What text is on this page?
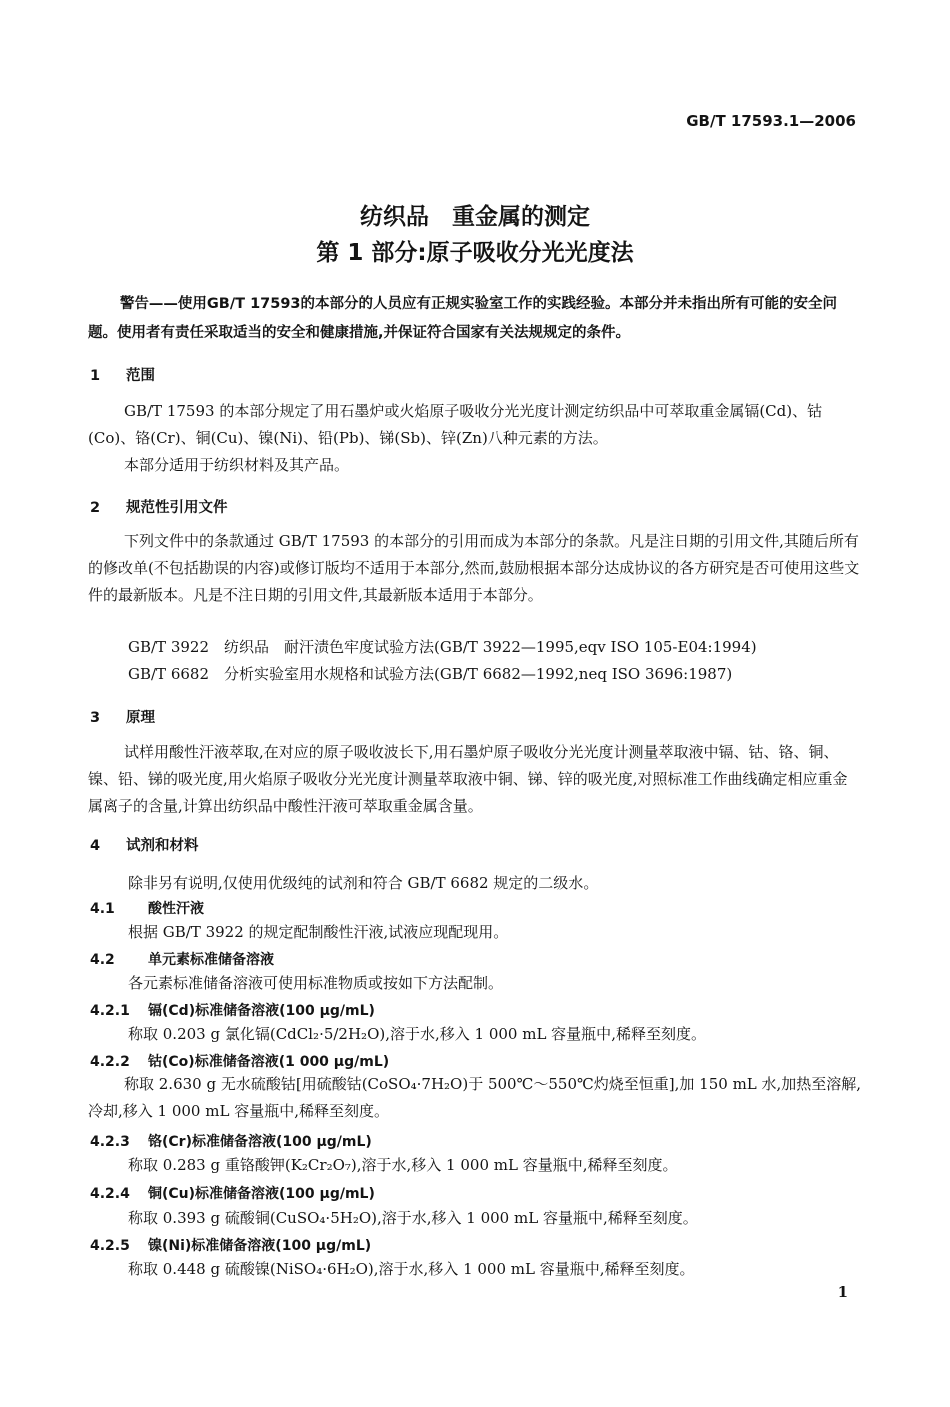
GB/T 17593.1—2006
纺织品　重金属的测定
第 1 部分:原子吸收分光光度法
警告——使用GB/T 17593的本部分的人员应有正规实验室工作的实践经验。本部分并未指出所有可能的安全问题。使用者有责任采取适当的安全和健康措施,并保证符合国家有关法规规定的条件。
1 范围
GB/T 17593 的本部分规定了用石墨炉或火焰原子吸收分光光度计测定纺织品中可萃取重金属镉(Cd)、钴(Co)、铬(Cr)、铜(Cu)、镍(Ni)、铅(Pb)、锑(Sb)、锌(Zn)八种元素的方法。
本部分适用于纺织材料及其产品。
2 规范性引用文件
下列文件中的条款通过 GB/T 17593 的本部分的引用而成为本部分的条款。凡是注日期的引用文件,其随后所有的修改单(不包括勘误的内容)或修订版均不适用于本部分,然而,鼓励根据本部分达成协议的各方研究是否可使用这些文件的最新版本。凡是不注日期的引用文件,其最新版本适用于本部分。
GB/T 3922　纺织品　耐汗渍色牢度试验方法(GB/T 3922—1995,eqv ISO 105-E04:1994)
GB/T 6682　分析实验室用水规格和试验方法(GB/T 6682—1992,neq ISO 3696:1987)
3 原理
试样用酸性汗液萃取,在对应的原子吸收波长下,用石墨炉原子吸收分光光度计测量萃取液中镉、钴、铬、铜、镍、铅、锑的吸光度,用火焰原子吸收分光光度计测量萃取液中铜、锑、锌的吸光度,对照标准工作曲线确定相应重金属离子的含量,计算出纺织品中酸性汗液可萃取重金属含量。
4 试剂和材料
除非另有说明,仅使用优级纯的试剂和符合 GB/T 6682 规定的二级水。
4.1 酸性汗液
根据 GB/T 3922 的规定配制酸性汗液,试液应现配现用。
4.2 单元素标准储备溶液
各元素标准储备溶液可使用标准物质或按如下方法配制。
4.2.1 镉(Cd)标准储备溶液(100 μg/mL)
称取 0.203 g 氯化镉(CdCl₂·5/2H₂O),溶于水,移入 1 000 mL 容量瓶中,稀释至刻度。
4.2.2 钴(Co)标准储备溶液(1 000 μg/mL)
称取 2.630 g 无水硫酸钴[用硫酸钴(CoSO₄·7H₂O)于 500℃～550℃灼烧至恒重],加 150 mL 水,加热至溶解,冷却,移入 1 000 mL 容量瓶中,稀释至刻度。
4.2.3 铬(Cr)标准储备溶液(100 μg/mL)
称取 0.283 g 重铬酸钾(K₂Cr₂O₇),溶于水,移入 1 000 mL 容量瓶中,稀释至刻度。
4.2.4 铜(Cu)标准储备溶液(100 μg/mL)
称取 0.393 g 硫酸铜(CuSO₄·5H₂O),溶于水,移入 1 000 mL 容量瓶中,稀释至刻度。
4.2.5 镍(Ni)标准储备溶液(100 μg/mL)
称取 0.448 g 硫酸镍(NiSO₄·6H₂O),溶于水,移入 1 000 mL 容量瓶中,稀释至刻度。
1
